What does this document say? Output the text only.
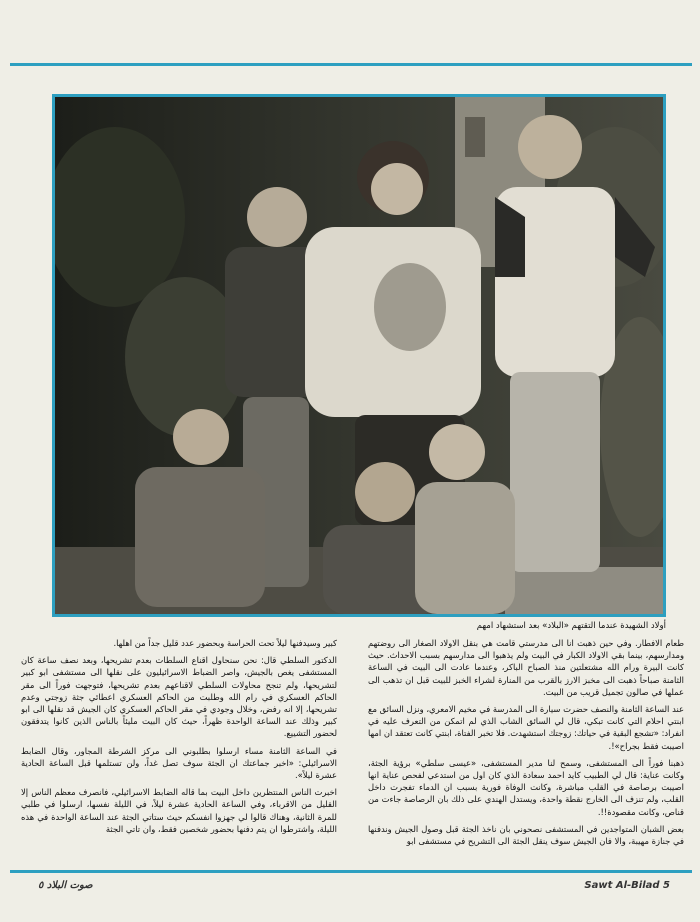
أولاد الشهيدة عندما التقتهم «البلاد» بعد استشهاد امهم

طعام الافطار. وفي حين ذهبت انا الى مدرستي قامت هي بنقل الاولاد الصغار الى روضتهم ومدارسهم، بينما بقي الاولاد الكبار في البيت ولم يذهبوا الى مدارسهم بسبب الاحداث. حيث كانت البيرة ورام الله مشتعلتين منذ الصباح الباكر، وعندما عادت الى البيت في الساعة الثامنة صباحاً ذهبت الى مخبز الارز بالقرب من المنارة لشراء الخبز للبيت قبل ان تذهب الى عملها في صالون تجميل قريب من البيت.

عند الساعة الثامنة والنصف حضرت سيارة الى المدرسة في مخيم الامعري، ونزل السائق مع ابنتي احلام التي كانت تبكي، قال لي السائق الشاب الذي لم اتمكن من التعرف عليه في انفراد: «تشجع البقية في حياتك: زوجتك استشهدت. فلا تخبر الفتاة، ابنتي كانت تعتقد ان امها اصيبت فقط بجراح»!.

ذهبنا فوراً الى المستشفى، وسمح لنا مدير المستشفى، «عيسى سلطي» برؤية الجثة، وكانت عناية: قال لي الطبيب كايد احمد سعادة الذي كان اول من استدعي لفحص عناية انها اصيبت برصاصة في القلب مباشرة، وكانت الوفاة فورية بسبب ان الدماء تفجرت داخل القلب، ولم تنزف الى الخارج نقطة واحدة، ويستدل الهندي على ذلك بان الرصاصة جاءت من قناص، وكانت مقصودة!!.

بعض الشبان المتواجدين في المستشفى نصحوني بان ناخذ الجثة قبل وصول الجيش وندفنها في جنازة مهيبة، والا فان الجيش سوف ينقل الجثة الى التشريح في مستشفى ابو

كبير وسيدفنها ليلاً تحت الحراسة وبحضور عدد قليل جداً من اهلها.

الدكتور السلطي قال: نحن سنحاول اقناع السلطات بعدم تشريحها، وبعد نصف ساعة كان المستشفى يغص بالجيش، واصر الضباط الاسرائيليون على نقلها الى مستشفى ابو كبير لتشريحها، ولم تنجح محاولات السلطي لاقناعهم بعدم تشريحها، فتوجهت فوراً الى مقر الحاكم العسكري في رام الله وطلبت من الحاكم العسكري اعطائي جثة زوجتي وعدم تشريحها، إلا انه رفض، وخلال وجودي في مقر الحاكم العسكري كان الجيش قد نقلها الى ابو كبير وذلك عند الساعة الواحدة ظهراً، حيث كان البيت مليئاً بالناس الذين كانوا يتدفقون لحضور التشييع.

في الساعة الثامنة مساء ارسلوا بطلبوني الى مركز الشرطة المجاور، وقال الضابط الاسرائيلي: «اخبر جماعتك ان الجثة سوف تصل غداً، ولن تستلمها قبل الساعة الحادية عشرة ليلاً».

اخبرت الناس المنتظرين داخل البيت بما قاله الضابط الاسرائيلي، فانصرف معظم الناس إلا القليل من الاقرباء، وفي الساعة الحادية عشرة ليلاً، في الليلة نفسها، ارسلوا في طلبي للمرة الثانية، وهناك قالوا لي جهزوا انفسكم حيث ستاتي الجثة عند الساعة الواحدة في هذه الليلة، واشترطوا ان يتم دفنها بحضور شخصين فقط، وان تاتي الجثة

صوت البلاد ٥	Sawt Al-Bilad 5
